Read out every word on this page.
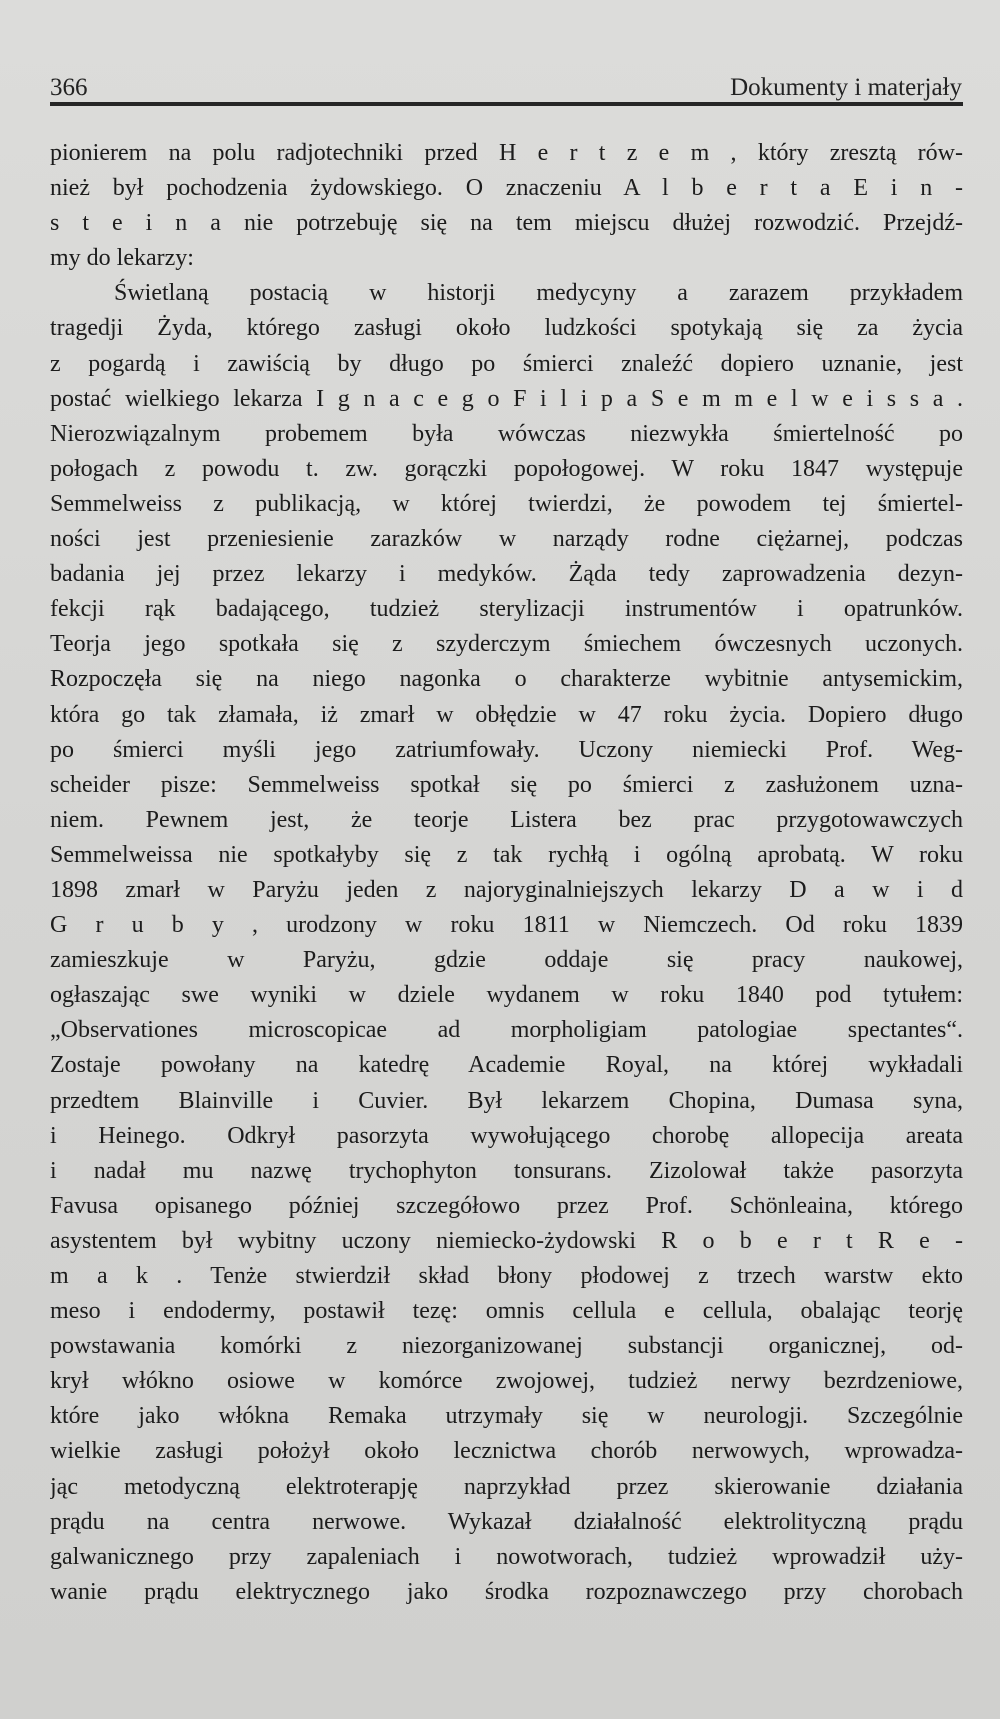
366	Dokumenty i materjały
pionierem na polu radjotechniki przed H e r t z e m , który zresztą rów-
nież był pochodzenia żydowskiego. O znaczeniu A l b e r t a E i n -
s t e i n a nie potrzebuję się na tem miejscu dłużej rozwodzić. Przejdź-
my do lekarzy:
Świetlaną postacią w historji medycyny a zarazem przykładem
tragedji Żyda, którego zasługi około ludzkości spotykają się za życia
z pogardą i zawiścią by długo po śmierci znaleźć dopiero uznanie, jest
postać wielkiego lekarza I g n a c e g o F i l i p a S e m m e l w e i s s a .
Nierozwiązalnym probemem była wówczas niezwykła śmiertelność po
połogach z powodu t. zw. gorączki popołogowej. W roku 1847 występuje
Semmelweiss z publikacją, w której twierdzi, że powodem tej śmiertel-
ności jest przeniesienie zarazków w narządy rodne ciężarnej, podczas
badania jej przez lekarzy i medyków. Żąda tedy zaprowadzenia dezyn-
fekcji rąk badającego, tudzież sterylizacji instrumentów i opatrunków.
Teorja jego spotkała się z szyderczym śmiechem ówczesnych uczonych.
Rozpoczęła się na niego nagonka o charakterze wybitnie antysemickim,
która go tak złamała, iż zmarł w obłędzie w 47 roku życia. Dopiero długo
po śmierci myśli jego zatriumfowały. Uczony niemiecki Prof. Weg-
scheider pisze: Semmelweiss spotkał się po śmierci z zasłużonem uzna-
niem. Pewnem jest, że teorje Listera bez prac przygotowawczych
Semmelweissa nie spotkałyby się z tak rychłą i ogólną aprobatą. W roku
1898 zmarł w Paryżu jeden z najoryginalniejszych lekarzy D a w i d
G r u b y , urodzony w roku 1811 w Niemczech. Od roku 1839
zamieszkuje w Paryżu, gdzie oddaje się pracy naukowej,
ogłaszając swe wyniki w dziele wydanem w roku 1840 pod tytułem:
„Observationes microscopicae ad morpholigiam patologiae spectantes“.
Zostaje powołany na katedrę Academie Royal, na której wykładali
przedtem Blainville i Cuvier. Był lekarzem Chopina, Dumasa syna,
i Heinego. Odkrył pasorzyta wywołującego chorobę allopecija areata
i nadał mu nazwę trychophyton tonsurans. Zizolował także pasorzyta
Favusa opisanego później szczegółowo przez Prof. Schönleaina, którego
asystentem był wybitny uczony niemiecko-żydowski R o b e r t R e -
m a k . Tenże stwierdził skład błony płodowej z trzech warstw ekto
meso i endodermy, postawił tezę: omnis cellula e cellula, obalając teorję
powstawania komórki z niezorganizowanej substancji organicznej, od-
krył włókno osiowe w komórce zwojowej, tudzież nerwy bezrdzeniowe,
które jako włókna Remaka utrzymały się w neurologji. Szczególnie
wielkie zasługi położył około lecznictwa chorób nerwowych, wprowadza-
jąc metodyczną elektroterapję naprzykład przez skierowanie działania
prądu na centra nerwowe. Wykazał działalność elektrolityczną prądu
galwanicznego przy zapaleniach i nowotworach, tudzież wprowadził uży-
wanie prądu elektrycznego jako środka rozpoznawczego przy chorobach
